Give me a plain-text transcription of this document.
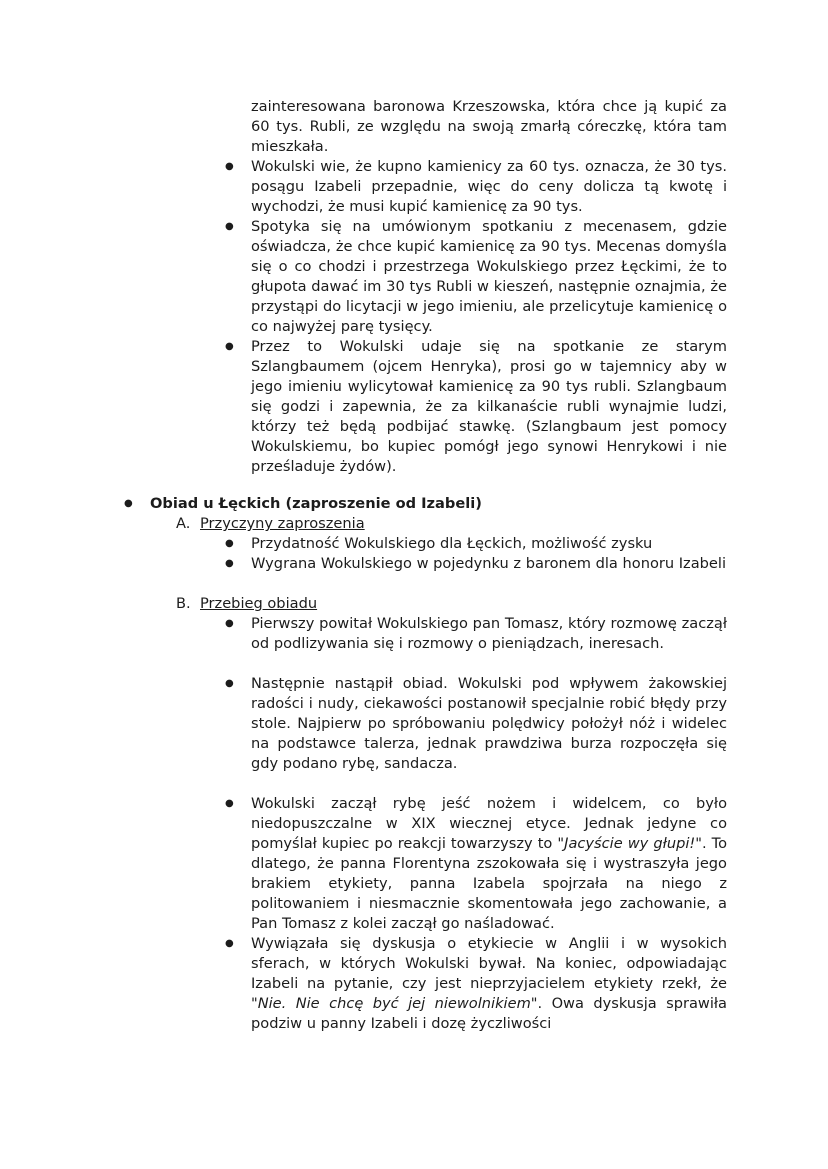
zainteresowana baronowa Krzeszowska, która chce ją kupić za 60 tys. Rubli, ze względu na swoją zmarłą córeczkę, która tam mieszkała.

● Wokulski wie, że kupno kamienicy za 60 tys. oznacza, że 30 tys. posągu Izabeli przepadnie, więc do ceny dolicza tą kwotę i wychodzi, że musi kupić kamienicę za 90 tys.
● Spotyka się na umówionym spotkaniu z mecenasem, gdzie oświadcza, że chce kupić kamienicę za 90 tys. Mecenas domyśla się o co chodzi i przestrzega Wokulskiego przez Łęckimi, że to głupota dawać im 30 tys Rubli w kieszeń, następnie oznajmia, że przystąpi do licytacji w jego imieniu, ale przelicytuje kamienicę o co najwyżej parę tysięcy.
● Przez to Wokulski udaje się na spotkanie ze starym Szlangbaumem (ojcem Henryka), prosi go w tajemnicy aby w jego imieniu wylicytował kamienicę za 90 tys rubli. Szlangbaum się godzi i zapewnia, że za kilkanaście rubli wynajmie ludzi, którzy też będą podbijać stawkę. (Szlangbaum jest pomocy Wokulskiemu, bo kupiec pomógł jego synowi Henrykowi i nie prześladuje żydów).
● Obiad u Łęckich (zaproszenie od Izabeli)
A. Przyczyny zaproszenia
● Przydatność Wokulskiego dla Łęckich, możliwość zysku
● Wygrana Wokulskiego w pojedynku z baronem dla honoru Izabeli
B. Przebieg obiadu
● Pierwszy powitał Wokulskiego pan Tomasz, który rozmowę zaczął od podlizywania się i rozmowy o pieniądzach, ineresach.
● Następnie nastąpił obiad. Wokulski pod wpływem żakowskiej radości i nudy, ciekawości postanowił specjalnie robić błędy przy stole. Najpierw po spróbowaniu polędwicy położył nóż i widelec na podstawce talerza, jednak prawdziwa burza rozpoczęła się gdy podano rybę, sandacza.
● Wokulski zaczął rybę jeść nożem i widelcem, co było niedopuszczalne w XIX wiecznej etyce. Jednak jedyne co pomyślał kupiec po reakcji towarzyszy to "Jacyście wy głupi!". To dlatego, że panna Florentyna zszokowała się i wystraszyła jego brakiem etykiety, panna Izabela spojrzała na niego z politowaniem i niesmacznie skomentowała jego zachowanie, a Pan Tomasz z kolei zaczął go naśladować.
● Wywiązała się dyskusja o etykiecie w Anglii i w wysokich sferach, w których Wokulski bywał. Na koniec, odpowiadając Izabeli na pytanie, czy jest nieprzyjacielem etykiety rzekł, że "Nie. Nie chcę być jej niewolnikiem". Owa dyskusja sprawiła podziw u panny Izabeli i dozę życzliwości
